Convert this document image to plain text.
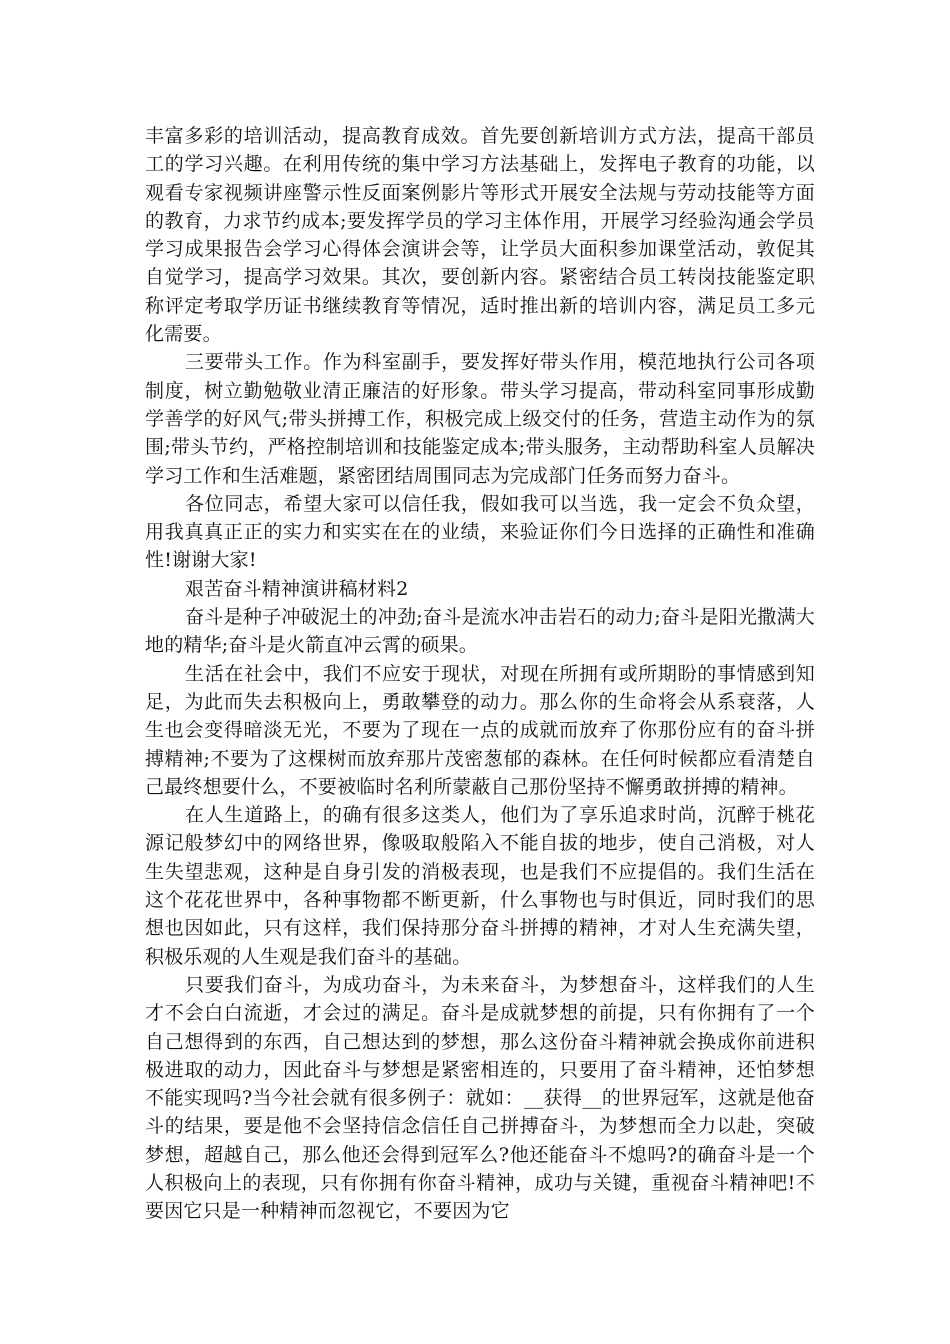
丰富多彩的培训活动，提高教育成效。首先要创新培训方式方法，提高干部员工的学习兴趣。在利用传统的集中学习方法基础上，发挥电子教育的功能，以观看专家视频讲座警示性反面案例影片等形式开展安全法规与劳动技能等方面的教育，力求节约成本;要发挥学员的学习主体作用，开展学习经验沟通会学员学习成果报告会学习心得体会演讲会等，让学员大面积参加课堂活动，敦促其自觉学习，提高学习效果。其次，要创新内容。紧密结合员工转岗技能鉴定职称评定考取学历证书继续教育等情况，适时推出新的培训内容，满足员工多元化需要。

三要带头工作。作为科室副手，要发挥好带头作用，模范地执行公司各项制度，树立勤勉敬业清正廉洁的好形象。带头学习提高，带动科室同事形成勤学善学的好风气;带头拼搏工作，积极完成上级交付的任务，营造主动作为的氛围;带头节约，严格控制培训和技能鉴定成本;带头服务，主动帮助科室人员解决学习工作和生活难题，紧密团结周围同志为完成部门任务而努力奋斗。

各位同志，希望大家可以信任我，假如我可以当选，我一定会不负众望，用我真真正正的实力和实实在在的业绩，来验证你们今日选择的正确性和准确性!谢谢大家!

艰苦奋斗精神演讲稿材料2

奋斗是种子冲破泥土的冲劲;奋斗是流水冲击岩石的动力;奋斗是阳光撒满大地的精华;奋斗是火箭直冲云霄的硕果。

生活在社会中，我们不应安于现状，对现在所拥有或所期盼的事情感到知足，为此而失去积极向上，勇敢攀登的动力。那么你的生命将会从系衰落，人生也会变得暗淡无光，不要为了现在一点的成就而放弃了你那份应有的奋斗拼搏精神;不要为了这棵树而放弃那片茂密葱郁的森林。在任何时候都应看清楚自己最终想要什么，不要被临时名利所蒙蔽自己那份坚持不懈勇敢拼搏的精神。

在人生道路上，的确有很多这类人，他们为了享乐追求时尚，沉醉于桃花源记般梦幻中的网络世界，像吸取般陷入不能自拔的地步，使自己消极，对人生失望悲观，这种是自身引发的消极表现，也是我们不应提倡的。我们生活在这个花花世界中，各种事物都不断更新，什么事物也与时俱近，同时我们的思想也因如此，只有这样，我们保持那分奋斗拼搏的精神，才对人生充满失望，积极乐观的人生观是我们奋斗的基础。

只要我们奋斗，为成功奋斗，为未来奋斗，为梦想奋斗，这样我们的人生才不会白白流逝，才会过的满足。奋斗是成就梦想的前提，只有你拥有了一个自己想得到的东西，自己想达到的梦想，那么这份奋斗精神就会换成你前进积极进取的动力，因此奋斗与梦想是紧密相连的，只要用了奋斗精神，还怕梦想不能实现吗?当今社会就有很多例子：就如：__获得__的世界冠军，这就是他奋斗的结果，要是他不会坚持信念信任自己拼搏奋斗，为梦想而全力以赴，突破梦想，超越自己，那么他还会得到冠军么?他还能奋斗不熄吗?的确奋斗是一个人积极向上的表现，只有你拥有你奋斗精神，成功与关键，重视奋斗精神吧!不要因它只是一种精神而忽视它，不要因为它
